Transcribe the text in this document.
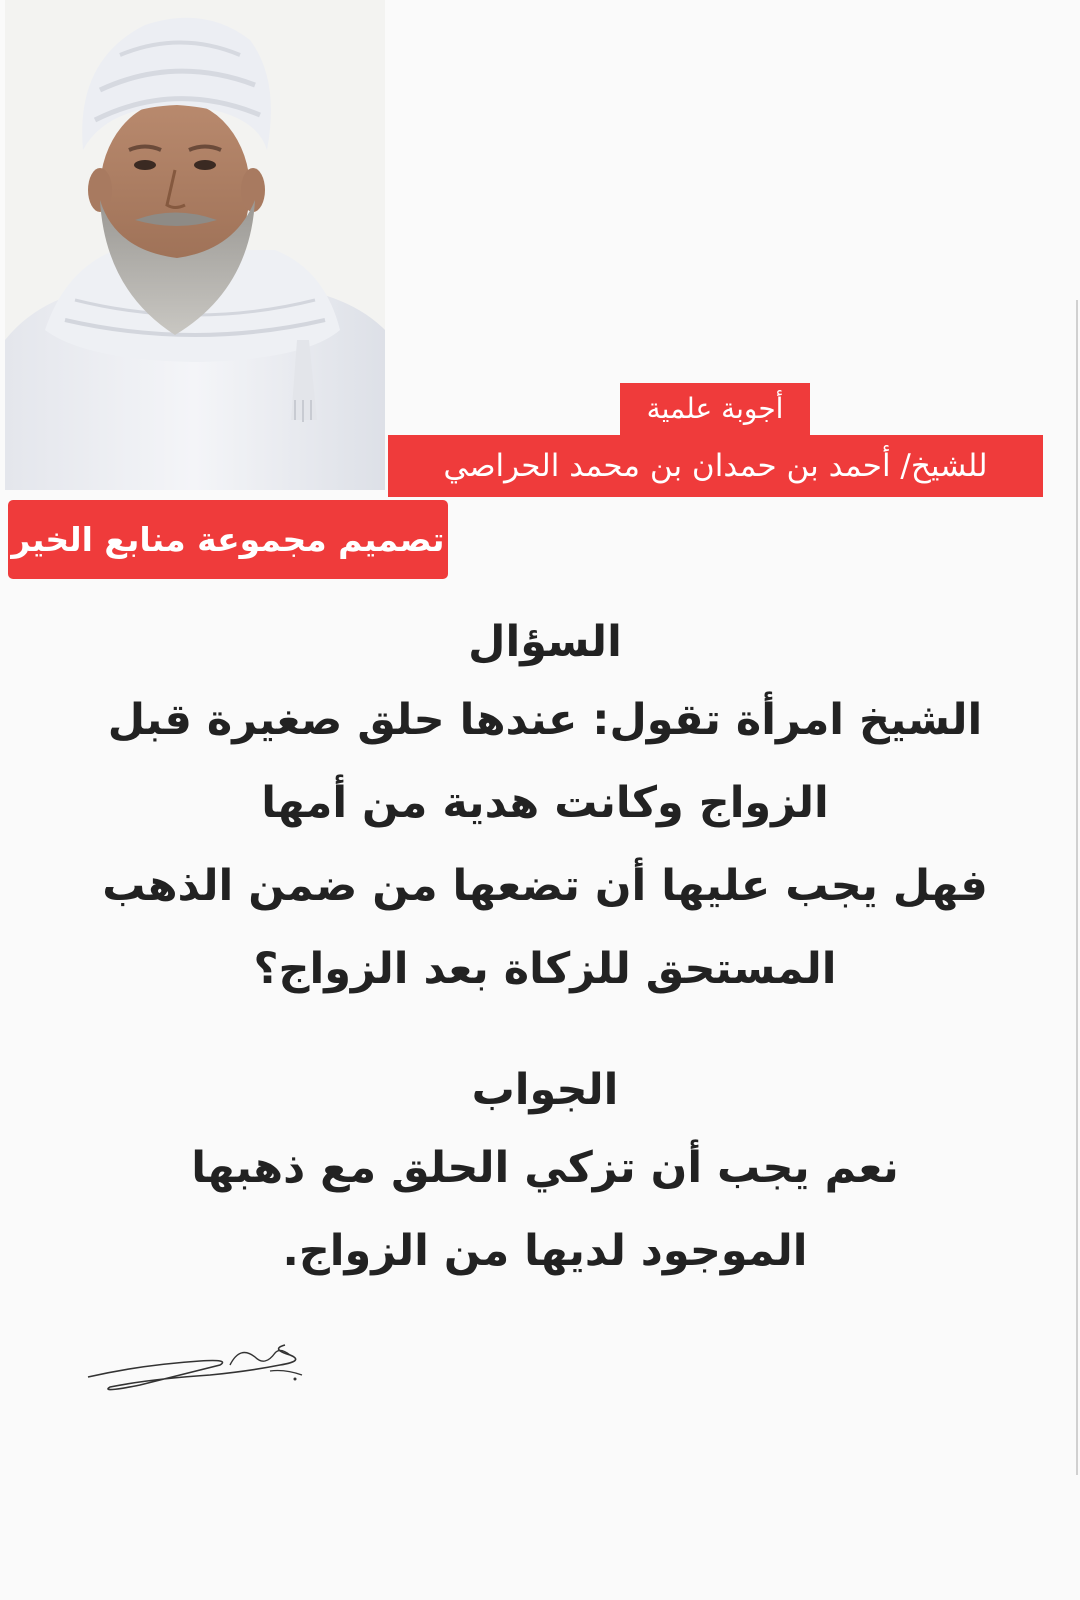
أجوبة علمية
للشيخ/ أحمد بن حمدان بن محمد الحراصي
تصميم مجموعة منابع الخير
السؤال
الشيخ امرأة تقول: عندها حلق صغيرة قبل
الزواج وكانت هدية من أمها
فهل يجب عليها أن تضعها من ضمن الذهب
المستحق للزكاة بعد الزواج؟
الجواب
نعم يجب أن تزكي الحلق مع ذهبها
الموجود لديها من الزواج.
